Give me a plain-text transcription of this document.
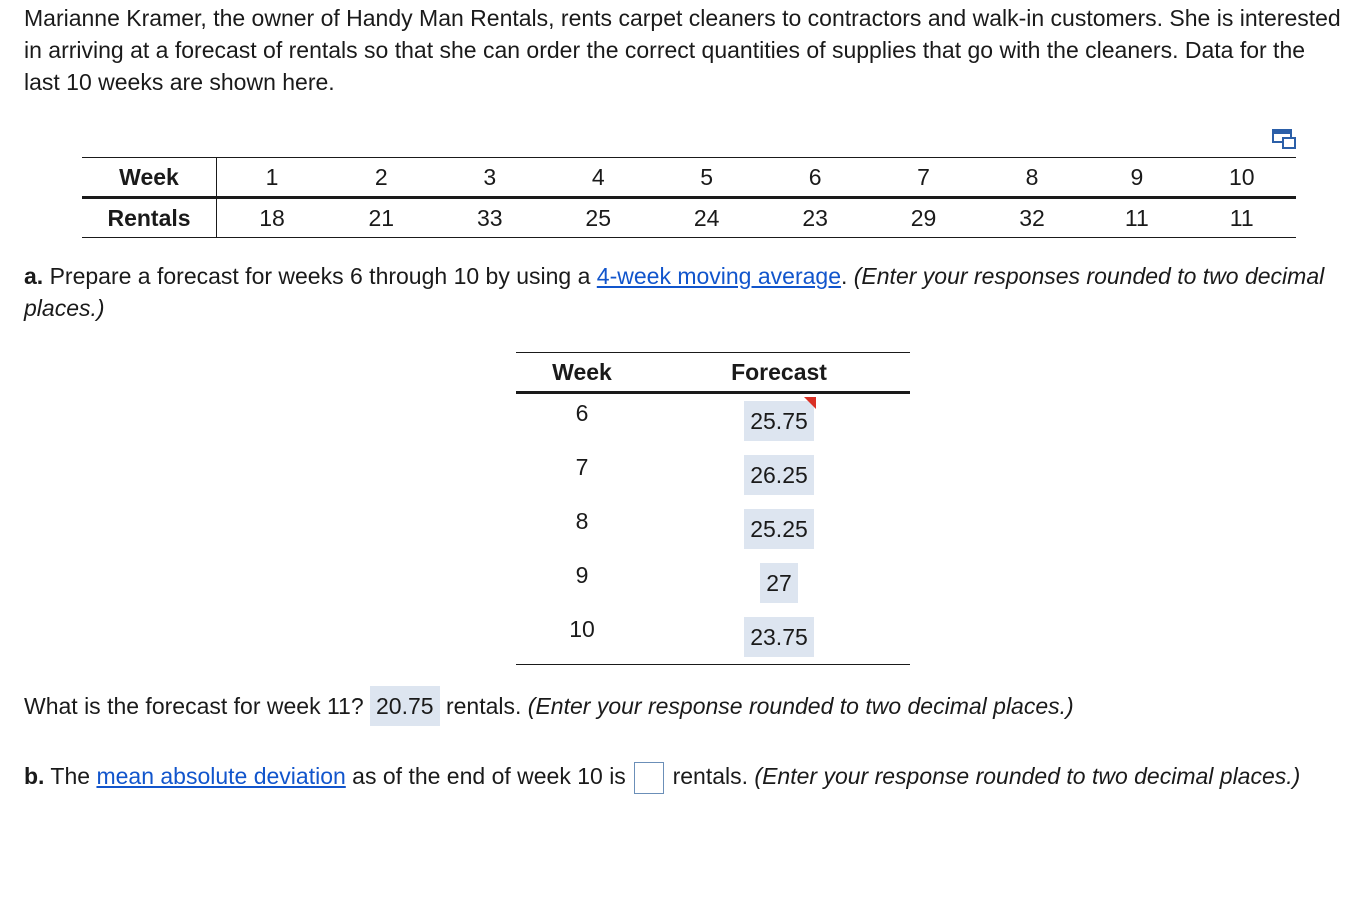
Marianne Kramer, the owner of Handy Man Rentals, rents carpet cleaners to contractors and walk-in customers. She is interested in arriving at a forecast of rentals so that she can order the correct quantities of supplies that go with the cleaners. Data for the last 10 weeks are shown here.

Week	1	2	3	4	5	6	7	8	9	10
Rentals	18	21	33	25	24	23	29	32	11	11

a. Prepare a forecast for weeks 6 through 10 by using a 4-week moving average. (Enter your responses rounded to two decimal places.)

Week	Forecast
6	25.75

7	26.25
8	25.25
9	27
10	23.75

What is the forecast for week 11? 20.75 rentals. (Enter your response rounded to two decimal places.)

b. The mean absolute deviation as of the end of week 10 is  rentals. (Enter your response rounded to two decimal places.)
